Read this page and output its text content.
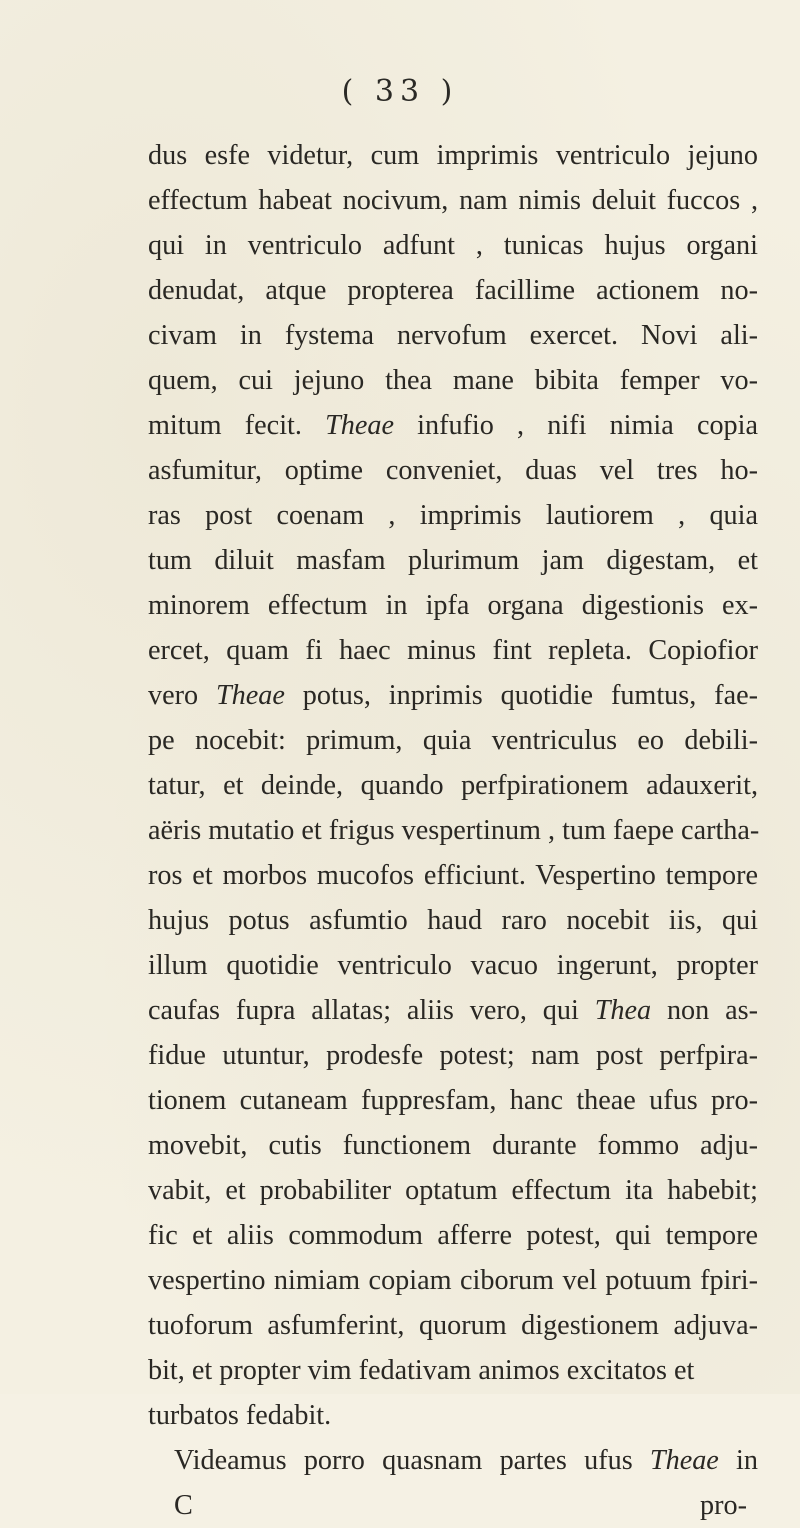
( 33 )
dus esfe videtur, cum imprimis ventriculo jejuno
effectum habeat nocivum, nam nimis deluit fuccos ,
qui in ventriculo adfunt , tunicas hujus organi
denudat, atque propterea facillime actionem no-
civam in fystema nervofum exercet. Novi ali-
quem, cui jejuno thea mane bibita femper vo-
mitum fecit. Theae infufio , nifi nimia copia
asfumitur, optime conveniet, duas vel tres ho-
ras post coenam , imprimis lautiorem , quia
tum diluit masfam plurimum jam digestam, et
minorem effectum in ipfa organa digestionis ex-
ercet, quam fi haec minus fint repleta. Copiofior
vero Theae potus, inprimis quotidie fumtus, fae-
pe nocebit: primum, quia ventriculus eo debili-
tatur, et deinde, quando perfpirationem adauxerit,
aëris mutatio et frigus vespertinum , tum faepe cartha-
ros et morbos mucofos efficiunt. Vespertino tempore
hujus potus asfumtio haud raro nocebit iis, qui
illum quotidie ventriculo vacuo ingerunt, propter
caufas fupra allatas; aliis vero, qui Thea non as-
fidue utuntur, prodesfe potest; nam post perfpira-
tionem cutaneam fuppresfam, hanc theae ufus pro-
movebit, cutis functionem durante fommo adju-
vabit, et probabiliter optatum effectum ita habebit;
fic et aliis commodum afferre potest, qui tempore
vespertino nimiam copiam ciborum vel potuum fpiri-
tuoforum asfumferint, quorum digestionem adjuva-
bit, et propter vim fedativam animos excitatos et
turbatos fedabit.
Videamus porro quasnam partes ufus Theae in
C	pro-
